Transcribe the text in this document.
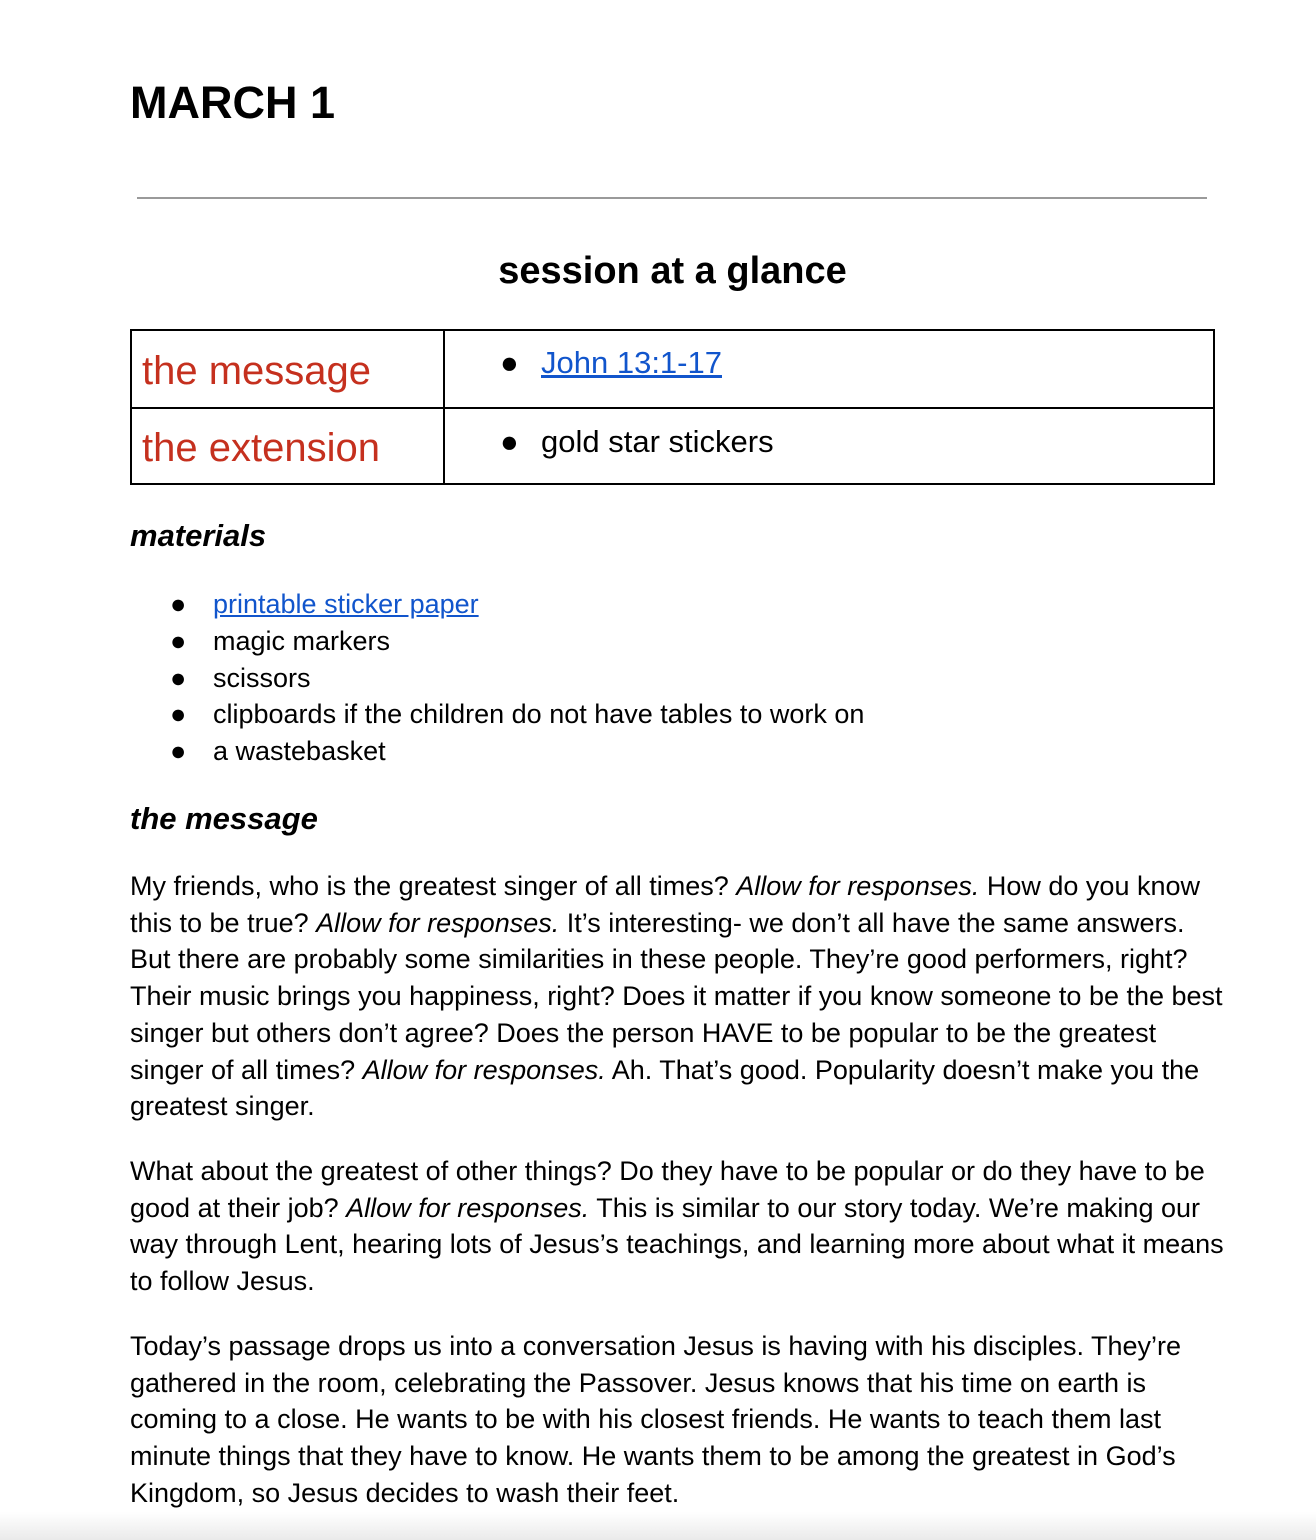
MARCH 1
session at a glance
the message	● John 13:1-17

the extension	● gold star stickers
materials
● printable sticker paper
● magic markers
● scissors
● clipboards if the children do not have tables to work on
● a wastebasket
the message

My friends, who is the greatest singer of all times? Allow for responses. How do you know this to be true? Allow for responses. It’s interesting- we don’t all have the same answers. But there are probably some similarities in these people. They’re good performers, right? Their music brings you happiness, right? Does it matter if you know someone to be the best singer but others don’t agree? Does the person HAVE to be popular to be the greatest singer of all times? Allow for responses. Ah. That’s good. Popularity doesn’t make you the greatest singer.

What about the greatest of other things? Do they have to be popular or do they have to be good at their job? Allow for responses. This is similar to our story today. We’re making our way through Lent, hearing lots of Jesus’s teachings, and learning more about what it means to follow Jesus.

Today’s passage drops us into a conversation Jesus is having with his disciples. They’re gathered in the room, celebrating the Passover. Jesus knows that his time on earth is coming to a close. He wants to be with his closest friends. He wants to teach them last minute things that they have to know. He wants them to be among the greatest in God’s Kingdom, so Jesus decides to wash their feet.
